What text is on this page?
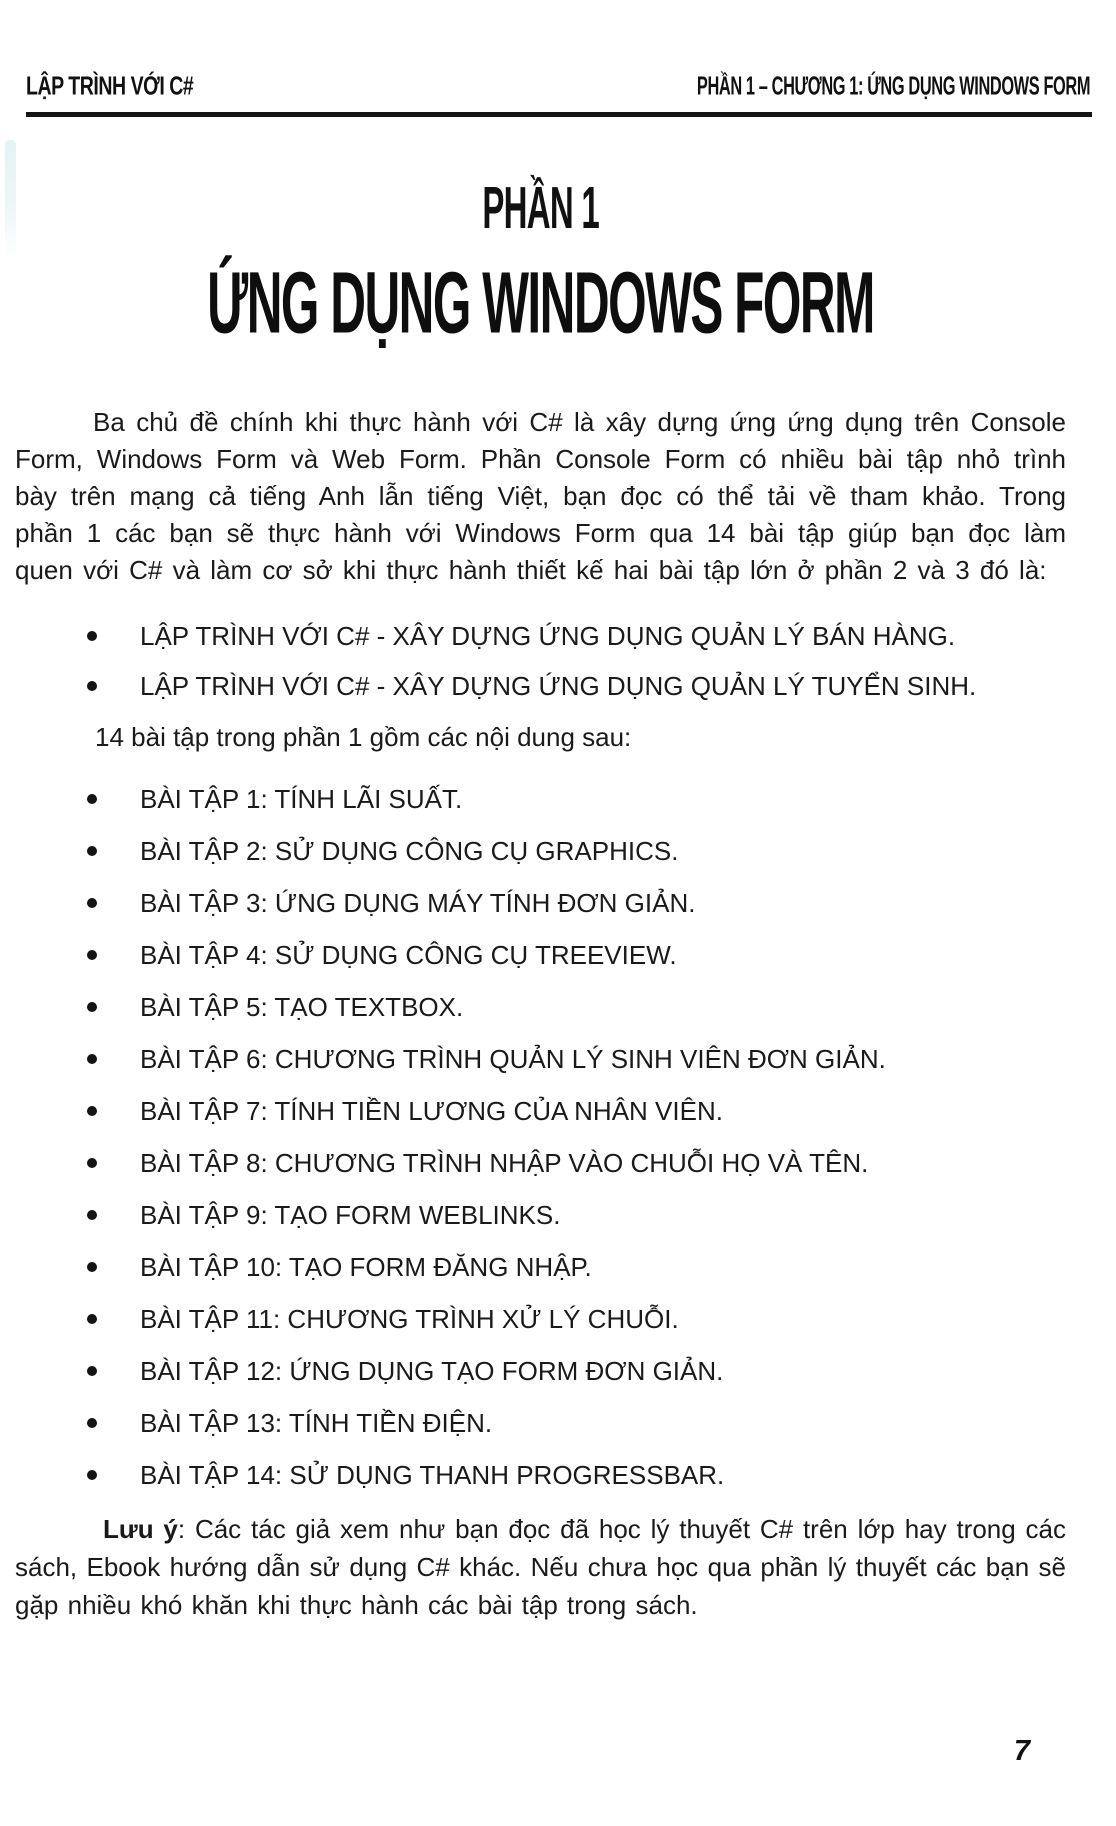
LẬP TRÌNH VỚI C#	PHẦN 1 – CHƯƠNG 1: ỨNG DỤNG WINDOWS FORM
PHẦN 1
ỨNG DỤNG WINDOWS FORM

Ba chủ đề chính khi thực hành với C# là xây dựng ứng ứng dụng trên Console Form, Windows Form và Web Form. Phần Console Form có nhiều bài tập nhỏ trình bày trên mạng cả tiếng Anh lẫn tiếng Việt, bạn đọc có thể tải về tham khảo. Trong phần 1 các bạn sẽ thực hành với Windows Form qua 14 bài tập giúp bạn đọc làm quen với C# và làm cơ sở khi thực hành thiết kế hai bài tập lớn ở phần 2 và 3 đó là:

LẬP TRÌNH VỚI C# - XÂY DỰNG ỨNG DỤNG QUẢN LÝ BÁN HÀNG.
LẬP TRÌNH VỚI C# - XÂY DỰNG ỨNG DỤNG QUẢN LÝ TUYỂN SINH.

14 bài tập trong phần 1 gồm các nội dung sau:

BÀI TẬP 1: TÍNH LÃI SUẤT.
BÀI TẬP 2: SỬ DỤNG CÔNG CỤ GRAPHICS.
BÀI TẬP 3: ỨNG DỤNG MÁY TÍNH ĐƠN GIẢN.
BÀI TẬP 4: SỬ DỤNG CÔNG CỤ TREEVIEW.
BÀI TẬP 5: TẠO TEXTBOX.
BÀI TẬP 6: CHƯƠNG TRÌNH QUẢN LÝ SINH VIÊN ĐƠN GIẢN.
BÀI TẬP 7: TÍNH TIỀN LƯƠNG CỦA NHÂN VIÊN.
BÀI TẬP 8: CHƯƠNG TRÌNH NHẬP VÀO CHUỖI HỌ VÀ TÊN.
BÀI TẬP 9: TẠO FORM WEBLINKS.
BÀI TẬP 10: TẠO FORM ĐĂNG NHẬP.
BÀI TẬP 11: CHƯƠNG TRÌNH XỬ LÝ CHUỖI.
BÀI TẬP 12: ỨNG DỤNG TẠO FORM ĐƠN GIẢN.
BÀI TẬP 13: TÍNH TIỀN ĐIỆN.
BÀI TẬP 14: SỬ DỤNG THANH PROGRESSBAR.

Lưu ý: Các tác giả xem như bạn đọc đã học lý thuyết C# trên lớp hay trong các sách, Ebook hướng dẫn sử dụng C# khác. Nếu chưa học qua phần lý thuyết các bạn sẽ gặp nhiều khó khăn khi thực hành các bài tập trong sách.

7
